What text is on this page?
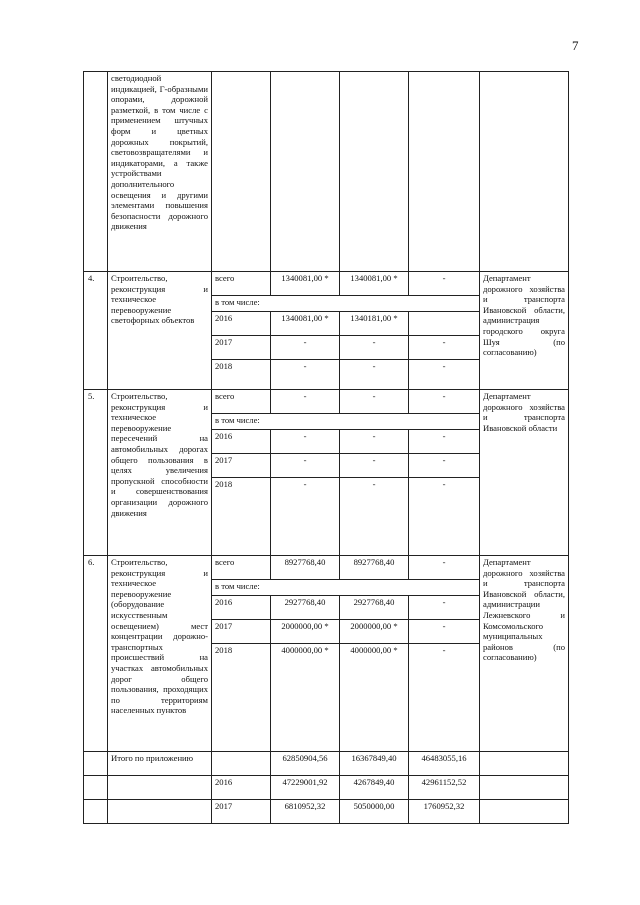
7
	светодиодной индикацией, Г-образными опорами, дорожной разметкой, в том числе с применением штучных форм и цветных дорожных покрытий, световозвращателями и индикаторами, а также устройствами дополнительного освещения и другими элементами повышения безопасности дорожного движения					
4.	Строительство, реконструкция и техническое перевооружение светофорных объектов	всего	1340081,00 *	1340081,00 *	-	Департамент дорожного хозяйства и транспорта Ивановской области, администрация городского округа Шуя (по согласованию)
		в том числе:				
		2016	1340081,00 *	1340181,00 *		
		2017	-	-	-	
		2018	-	-	-	
5.	Строительство, реконструкция и техническое перевооружение пересечений на автомобильных дорогах общего пользования в целях увеличения пропускной способности и совершенствования организации дорожного движения	всего	-	-	-	Департамент дорожного хозяйства и транспорта Ивановской области
		в том числе:				
		2016	-	-	-	
		2017	-	-	-	
		2018	-	-	-	
6.	Строительство, реконструкция и техническое перевооружение (оборудование искусственным освещением) мест концентрации дорожно-транспортных происшествий на участках автомобильных дорог общего пользования, проходящих по территориям населенных пунктов	всего	8927768,40	8927768,40	-	Департамент дорожного хозяйства и транспорта Ивановской области, администрации Лежневского и Комсомольского муниципальных районов (по согласованию)
		в том числе:				
		2016	2927768,40	2927768,40	-	
		2017	2000000,00 *	2000000,00 *	-	
		2018	4000000,00 *	4000000,00 *	-	
	Итого по приложению		62850904,56	16367849,40	46483055,16	
		2016	47229001,92	4267849,40	42961152,52	
		2017	6810952,32	5050000,00	1760952,32	
